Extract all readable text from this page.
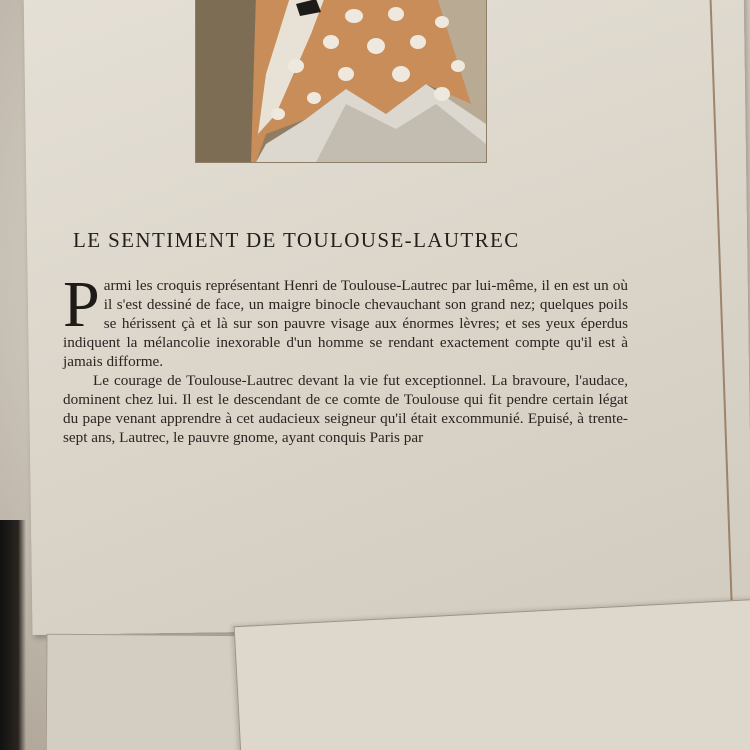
LE SENTIMENT DE TOULOUSE-LAUTREC

Parmi les croquis représentant Henri de Toulouse-Lautrec par lui-même, il en est un où il s'est dessiné de face, un maigre binocle chevauchant son grand nez; quelques poils se hérissent çà et là sur son pauvre visage aux énormes lèvres; et ses yeux éperdus indiquent la mélancolie inexorable d'un homme se rendant exactement compte qu'il est à jamais difforme.

Le courage de Toulouse-Lautrec devant la vie fut exceptionnel. La bravoure, l'audace, dominent chez lui. Il est le descendant de ce comte de Toulouse qui fit pendre certain légat du pape venant apprendre à cet audacieux seigneur qu'il était excommunié. Epuisé, à trente-sept ans, Lautrec, le pauvre gnome, ayant conquis Paris par
